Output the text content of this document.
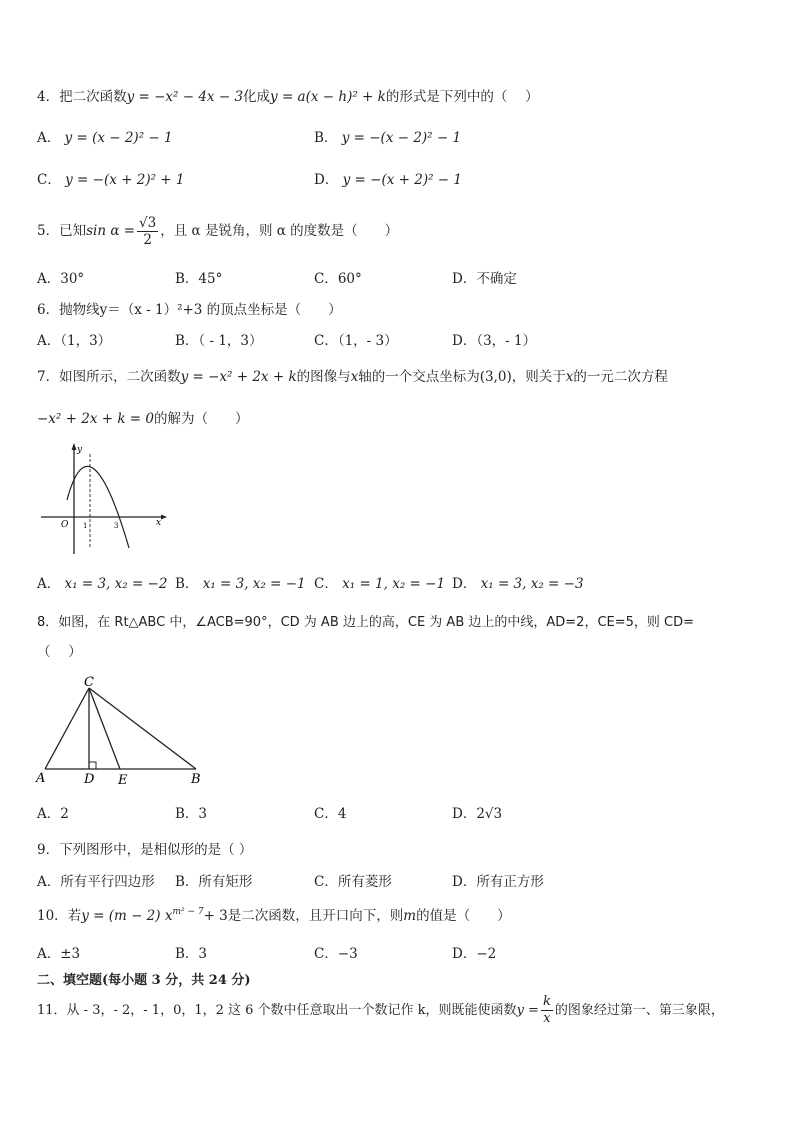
4．把二次函数y = −x² − 4x − 3化成y = a(x − h)² + k的形式是下列中的（　 ）
A． y = (x − 2)² − 1	B． y = −(x − 2)² − 1
C． y = −(x + 2)² + 1	D． y = −(x + 2)² − 1
5．已知$\sin \alpha = \frac{√3}{2}$ ，且 α 是锐角，则 α 的度数是（　　）
A．30°	B．45°	C．60°	D．不确定
6．抛物线y＝（x - 1）²+3 的顶点坐标是（　　）
A．（1，3）	B．（ - 1，3）	C．（1，- 3）	D．（3，- 1）
7．如图所示，二次函数y = −x² + 2x + k的图像与x轴的一个交点坐标为(3,0)，则关于x的一元二次方程
−x² + 2x + k = 0的解为（　　）
y
x
O 1	3
A． x₁ = 3, x₂ = −2 B． x₁ = 3, x₂ = −1 C． x₁ = 1, x₂ = −1 D． x₁ = 3, x₂ = −3
8．如图，在 Rt△ABC 中，∠ACB=90°，CD 为 AB 边上的高，CE 为 AB 边上的中线，AD=2，CE=5，则 CD=
（　 ）
C
A	D E	B
A．2	B．3	C．4	D．2√3
9．下列图形中，是相似形的是（ ）
A．所有平行四边形 B．所有矩形	C．所有菱形	D．所有正方形
10．若y = (m − 2) $x^{m^2 - 7}+ 3$是二次函数，且开口向下，则m的值是（　　）
A．±3	B．3	C．−3	D．−2
二、填空题(每小题 3 分，共 24 分)
11．从 - 3，- 2，- 1，0，1，2 这 6 个数中任意取出一个数记作 k，则既能使函数$y = \frac{k}{x}$ 的图象经过第一、第三象限，
